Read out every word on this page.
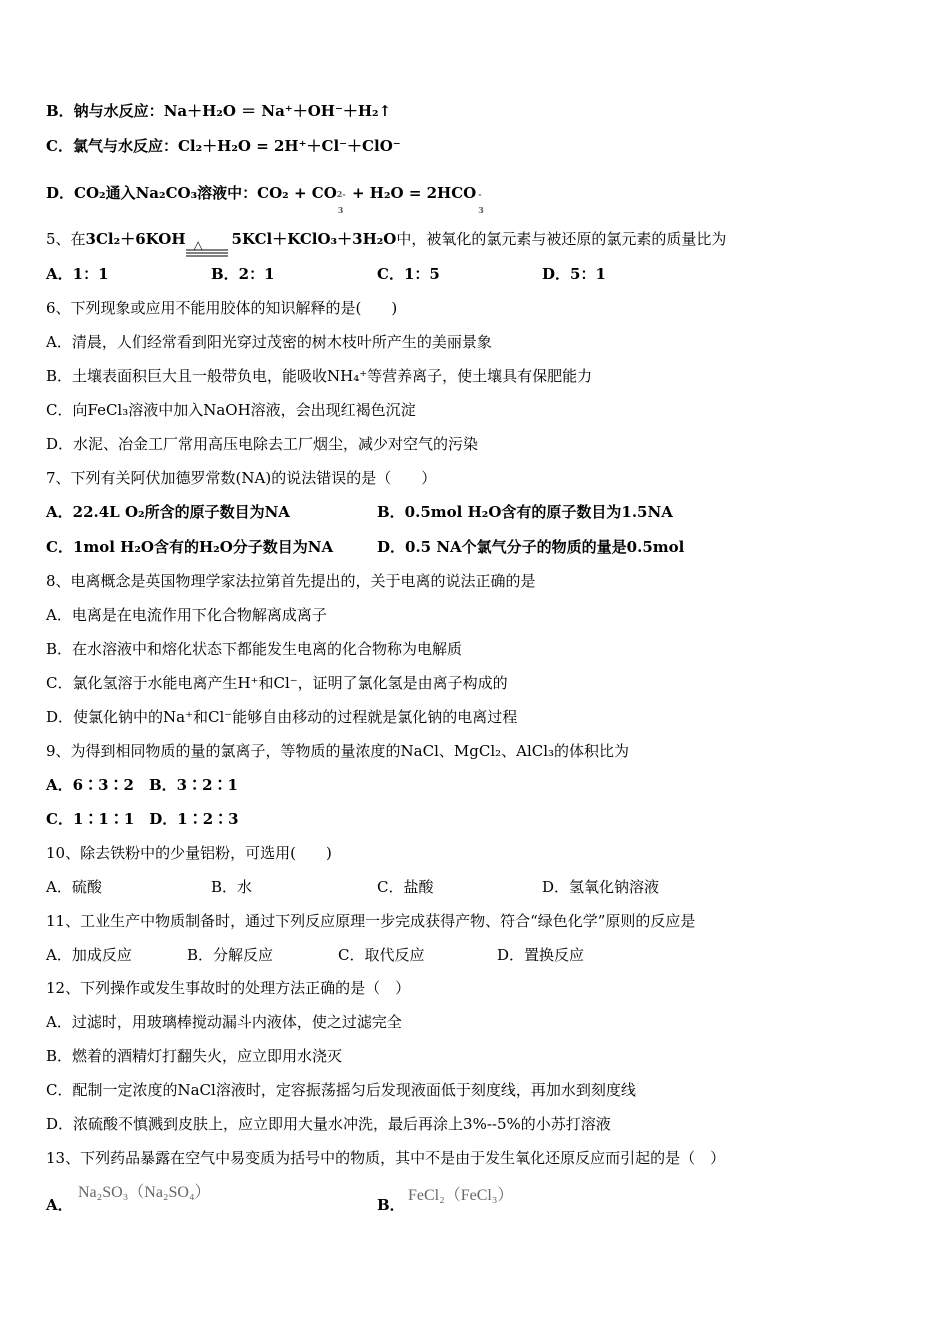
B．钠与水反应：Na＋H₂O ＝ Na⁺＋OH⁻＋H₂↑
C．氯气与水反应：Cl₂＋H₂O = 2H⁺＋Cl⁻＋ClO⁻
D．CO₂通入Na₂CO₃溶液中：CO₂ + CO 2-
3
+ H₂O = 2HCO -
3
5、在3Cl₂＋6KOH △ 5KCl＋KClO₃＋3H₂O中，被氧化的氯元素与被还原的氯元素的质量比为
A．1：1	B．2：1	C．1：5	D．5：1
6、下列现象或应用不能用胶体的知识解释的是(　　)
A．清晨，人们经常看到阳光穿过茂密的树木枝叶所产生的美丽景象
B．土壤表面积巨大且一般带负电，能吸收NH₄⁺等营养离子，使土壤具有保肥能力
C．向FeCl₃溶液中加入NaOH溶液，会出现红褐色沉淀
D．水泥、冶金工厂常用高压电除去工厂烟尘，减少对空气的污染
7、下列有关阿伏加德罗常数(NA)的说法错误的是（　　）
A．22.4L O₂所含的原子数目为NA	B．0.5mol H₂O含有的原子数目为1.5NA
C．1mol H₂O含有的H₂O分子数目为NA	D．0.5 NA个氯气分子的物质的量是0.5mol
8、电离概念是英国物理学家法拉第首先提出的，关于电离的说法正确的是
A．电离是在电流作用下化合物解离成离子
B．在水溶液中和熔化状态下都能发生电离的化合物称为电解质
C．氯化氢溶于水能电离产生H⁺和Cl⁻，证明了氯化氢是由离子构成的
D．使氯化钠中的Na⁺和Cl⁻能够自由移动的过程就是氯化钠的电离过程
9、为得到相同物质的量的氯离子，等物质的量浓度的NaCl、MgCl₂、AlCl₃的体积比为
A．6∶3∶2　B．3∶2∶1
C．1∶1∶1　D．1∶2∶3
10、除去铁粉中的少量铝粉，可选用(　　)
A．硫酸	B．水	C．盐酸	D．氢氧化钠溶液
11、工业生产中物质制备时，通过下列反应原理一步完成获得产物、符合“绿色化学”原则的反应是
A．加成反应	B．分解反应	C．取代反应	D．置换反应
12、下列操作或发生事故时的处理方法正确的是（　）
A．过滤时，用玻璃棒搅动漏斗内液体，使之过滤完全
B．燃着的酒精灯打翻失火，应立即用水浇灭
C．配制一定浓度的NaCl溶液时，定容振荡摇匀后发现液面低于刻度线，再加水到刻度线
D．浓硫酸不慎溅到皮肤上，应立即用大量水冲洗，最后再涂上3%--5%的小苏打溶液
13、下列药品暴露在空气中易变质为括号中的物质，其中不是由于发生氧化还原反应而引起的是（　）
A．
Na₂SO₃（Na₂SO₄）
B．
FeCl₂（FeCl₃）
